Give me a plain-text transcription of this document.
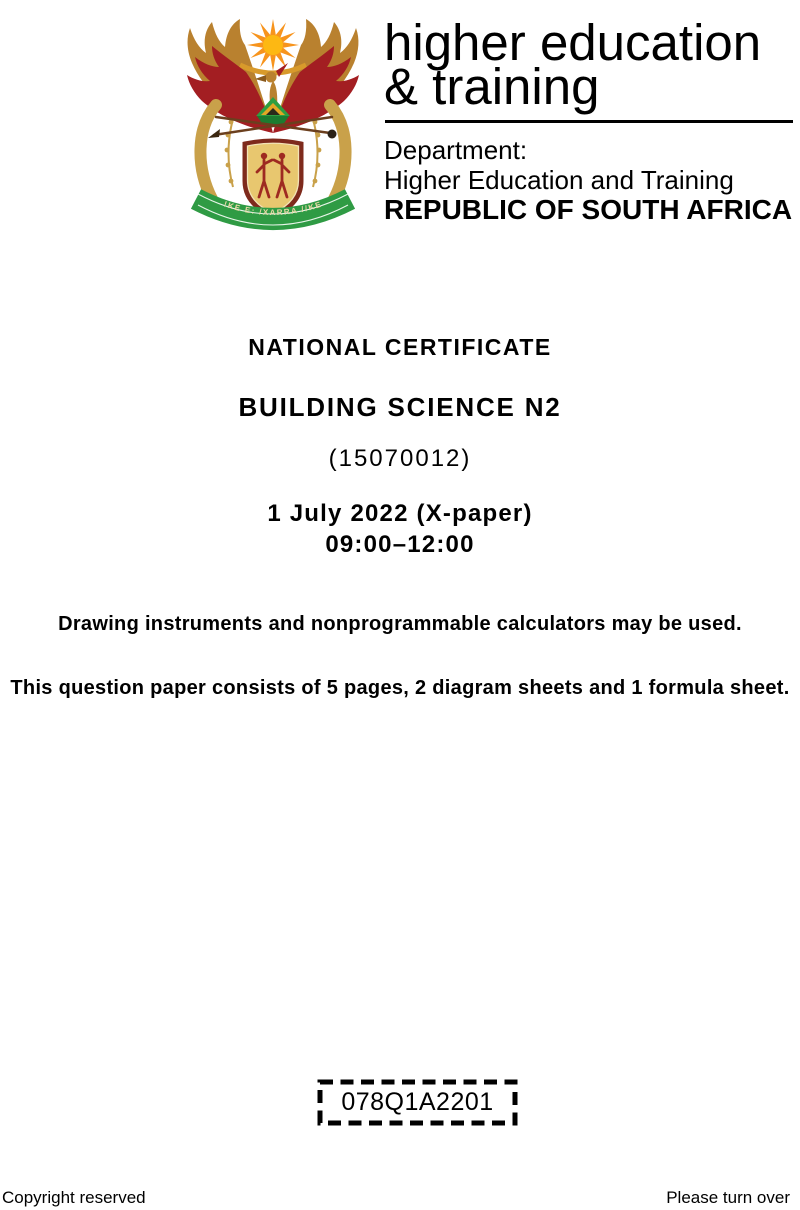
!KE E: /XARRA //KE
higher education
& training
Department:
Higher Education and Training
REPUBLIC OF SOUTH AFRICA
NATIONAL CERTIFICATE
BUILDING SCIENCE N2
(15070012)
1 July 2022 (X-paper)
09:00–12:00
Drawing instruments and nonprogrammable calculators may be used.
This question paper consists of 5 pages, 2 diagram sheets and 1 formula sheet.
078Q1A2201
Copyright reserved	Please turn over
